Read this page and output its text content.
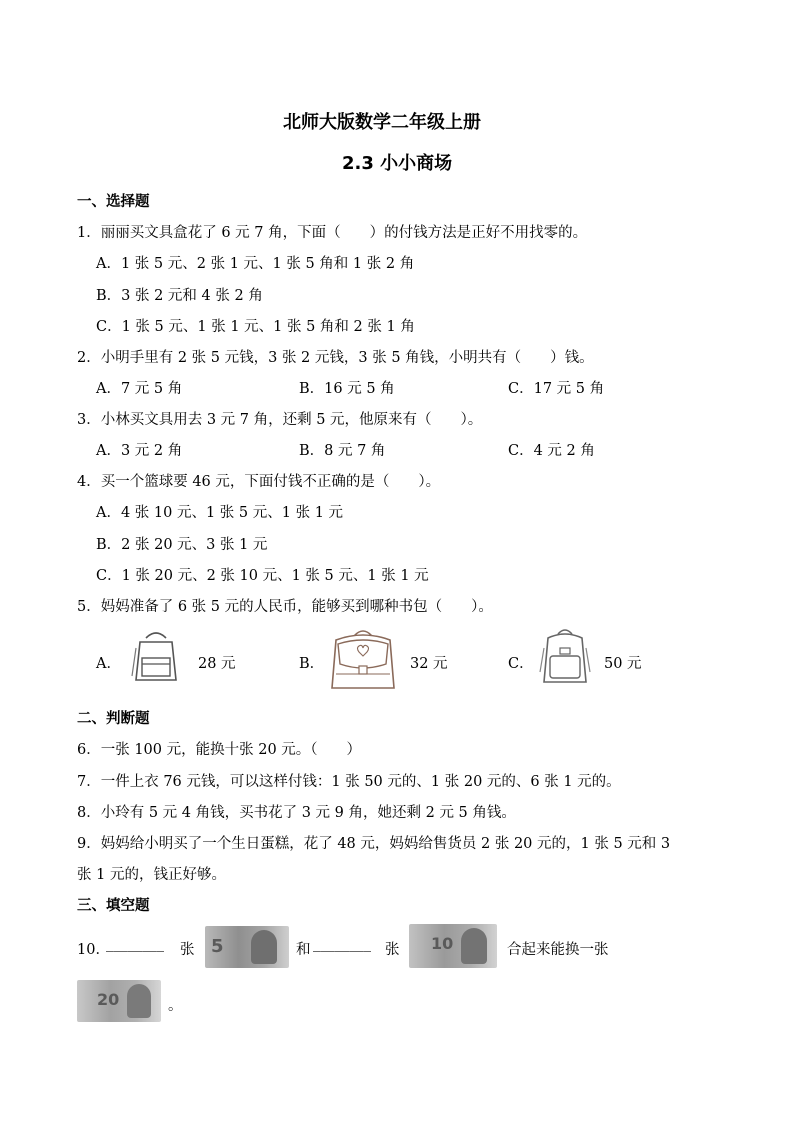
北师大版数学二年级上册
2.3 小小商场
一、选择题
1．丽丽买文具盒花了 6 元 7 角，下面（　　）的付钱方法是正好不用找零的。
A．1 张 5 元、2 张 1 元、1 张 5 角和 1 张 2 角
B．3 张 2 元和 4 张 2 角
C．1 张 5 元、1 张 1 元、1 张 5 角和 2 张 1 角
2．小明手里有 2 张 5 元钱，3 张 2 元钱，3 张 5 角钱，小明共有（　　）钱。
A．7 元 5 角	B．16 元 5 角	C．17 元 5 角
3．小林买文具用去 3 元 7 角，还剩 5 元，他原来有（　　）。
A．3 元 2 角	B．8 元 7 角	C．4 元 2 角
4．买一个篮球要 46 元，下面付钱不正确的是（　　）。
A．4 张 10 元、1 张 5 元、1 张 1 元
B．2 张 20 元、3 张 1 元
C．1 张 20 元、2 张 10 元、1 张 5 元、1 张 1 元
5．妈妈准备了 6 张 5 元的人民币，能够买到哪种书包（　　）。
A．	28 元	B．	32 元	C．	50 元
二、判断题
6．一张 100 元，能换十张 20 元。（　　）
7．一件上衣 76 元钱，可以这样付钱：1 张 50 元的、1 张 20 元的、6 张 1 元的。
8．小玲有 5 元 4 角钱，买书花了 3 元 9 角，她还剩 2 元 5 角钱。
9．妈妈给小明买了一个生日蛋糕，花了 48 元，妈妈给售货员 2 张 20 元的，1 张 5 元和 3
张 1 元的，钱正好够。
三、填空题
10．
________ 张 5	和 ________ 张 10	合起来能换一张
20	。
